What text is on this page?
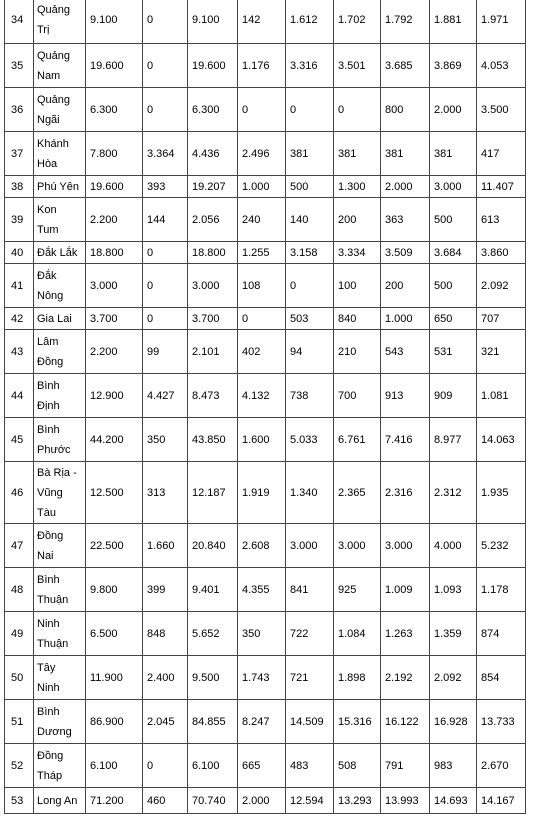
34	Quảng Trị	9.100	0	9.100	142	1.612	1.702	1.792	1.881	1.971
35	Quảng Nam	19.600	0	19.600	1.176	3.316	3.501	3.685	3.869	4.053
36	Quảng Ngãi	6.300	0	6.300	0	0	0	800	2.000	3.500
37	Khánh Hòa	7.800	3.364	4.436	2.496	381	381	381	381	417
38	Phú Yên	19.600	393	19.207	1.000	500	1.300	2.000	3.000	11.407
39	Kon Tum	2.200	144	2.056	240	140	200	363	500	613
40	Đắk Lắk	18.800	0	18.800	1.255	3.158	3.334	3.509	3.684	3.860
41	Đắk Nông	3.000	0	3.000	108	0	100	200	500	2.092
42	Gia Lai	3.700	0	3.700	0	503	840	1.000	650	707
43	Lâm Đồng	2.200	99	2.101	402	94	210	543	531	321
44	Bình Định	12.900	4.427	8.473	4.132	738	700	913	909	1.081
45	Bình Phước	44.200	350	43.850	1.600	5.033	6.761	7.416	8.977	14.063
46	Bà Rịa - Vũng Tàu	12.500	313	12.187	1.919	1.340	2.365	2.316	2.312	1.935
47	Đồng Nai	22.500	1.660	20.840	2.608	3.000	3.000	3.000	4.000	5.232
48	Bình Thuận	9.800	399	9.401	4.355	841	925	1.009	1.093	1.178
49	Ninh Thuận	6.500	848	5.652	350	722	1.084	1.263	1.359	874
50	Tây Ninh	11.900	2.400	9.500	1.743	721	1.898	2.192	2.092	854
51	Bình Dương	86.900	2.045	84.855	8.247	14.509	15.316	16.122	16.928	13.733
52	Đồng Tháp	6.100	0	6.100	665	483	508	791	983	2.670
53	Long An	71.200	460	70.740	2.000	12.594	13.293	13.993	14.693	14.167
